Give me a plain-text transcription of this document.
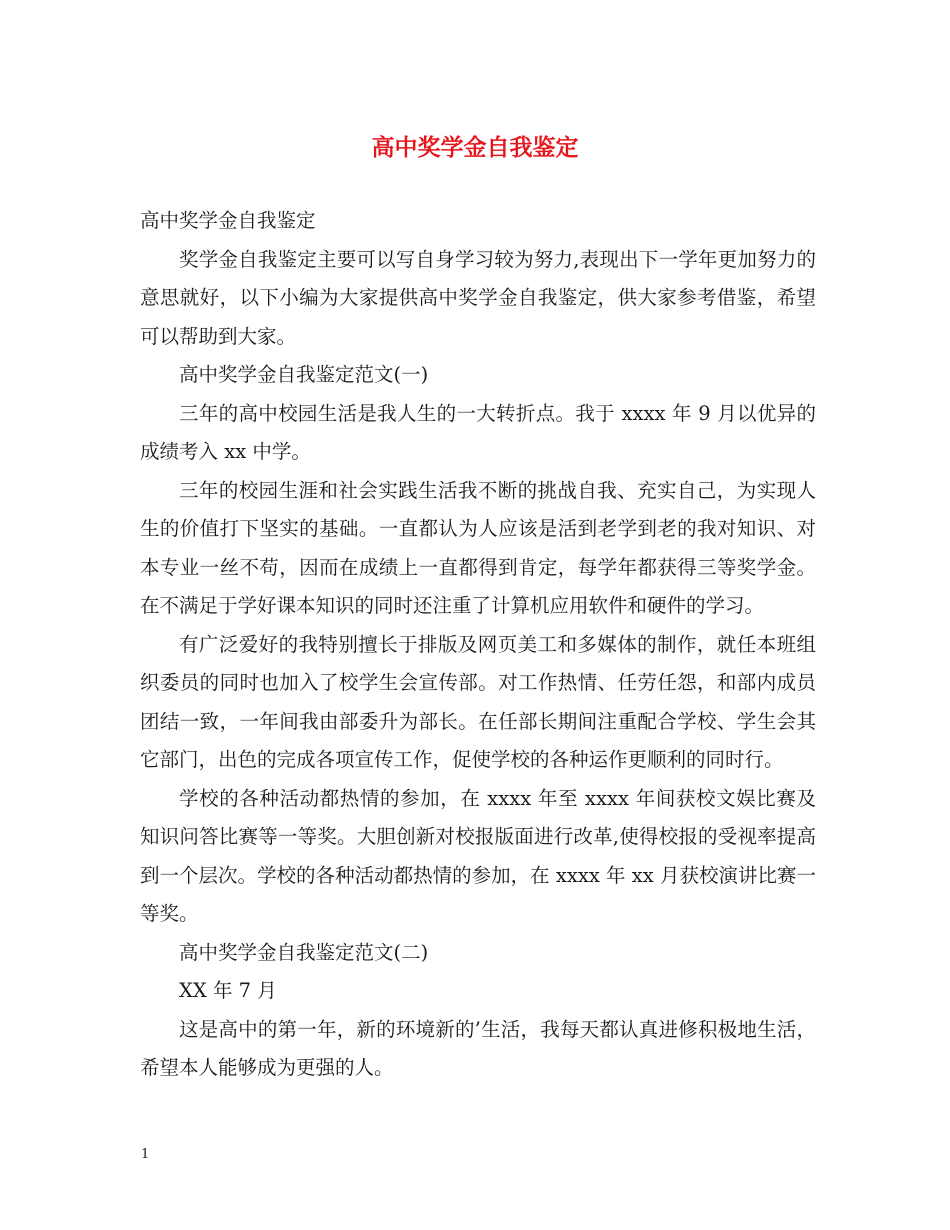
高中奖学金自我鉴定

高中奖学金自我鉴定

奖学金自我鉴定主要可以写自身学习较为努力,表现出下一学年更加努力的意思就好，以下小编为大家提供高中奖学金自我鉴定，供大家参考借鉴，希望可以帮助到大家。

高中奖学金自我鉴定范文(一)

三年的高中校园生活是我人生的一大转折点。我于 xxxx 年 9 月以优异的成绩考入 xx 中学。

三年的校园生涯和社会实践生活我不断的挑战自我、充实自己，为实现人生的价值打下坚实的基础。一直都认为人应该是活到老学到老的我对知识、对本专业一丝不苟，因而在成绩上一直都得到肯定，每学年都获得三等奖学金。在不满足于学好课本知识的同时还注重了计算机应用软件和硬件的学习。

有广泛爱好的我特别擅长于排版及网页美工和多媒体的制作，就任本班组织委员的同时也加入了校学生会宣传部。对工作热情、任劳任怨，和部内成员团结一致，一年间我由部委升为部长。在任部长期间注重配合学校、学生会其它部门，出色的完成各项宣传工作，促使学校的各种运作更顺利的同时行。

学校的各种活动都热情的参加，在 xxxx 年至 xxxx 年间获校文娱比赛及知识问答比赛等一等奖。大胆创新对校报版面进行改革,使得校报的受视率提高到一个层次。学校的各种活动都热情的参加，在 xxxx 年 xx 月获校演讲比赛一等奖。

高中奖学金自我鉴定范文(二)

XX 年 7 月

这是高中的第一年，新的环境新的’生活，我每天都认真进修积极地生活，希望本人能够成为更强的人。

1
